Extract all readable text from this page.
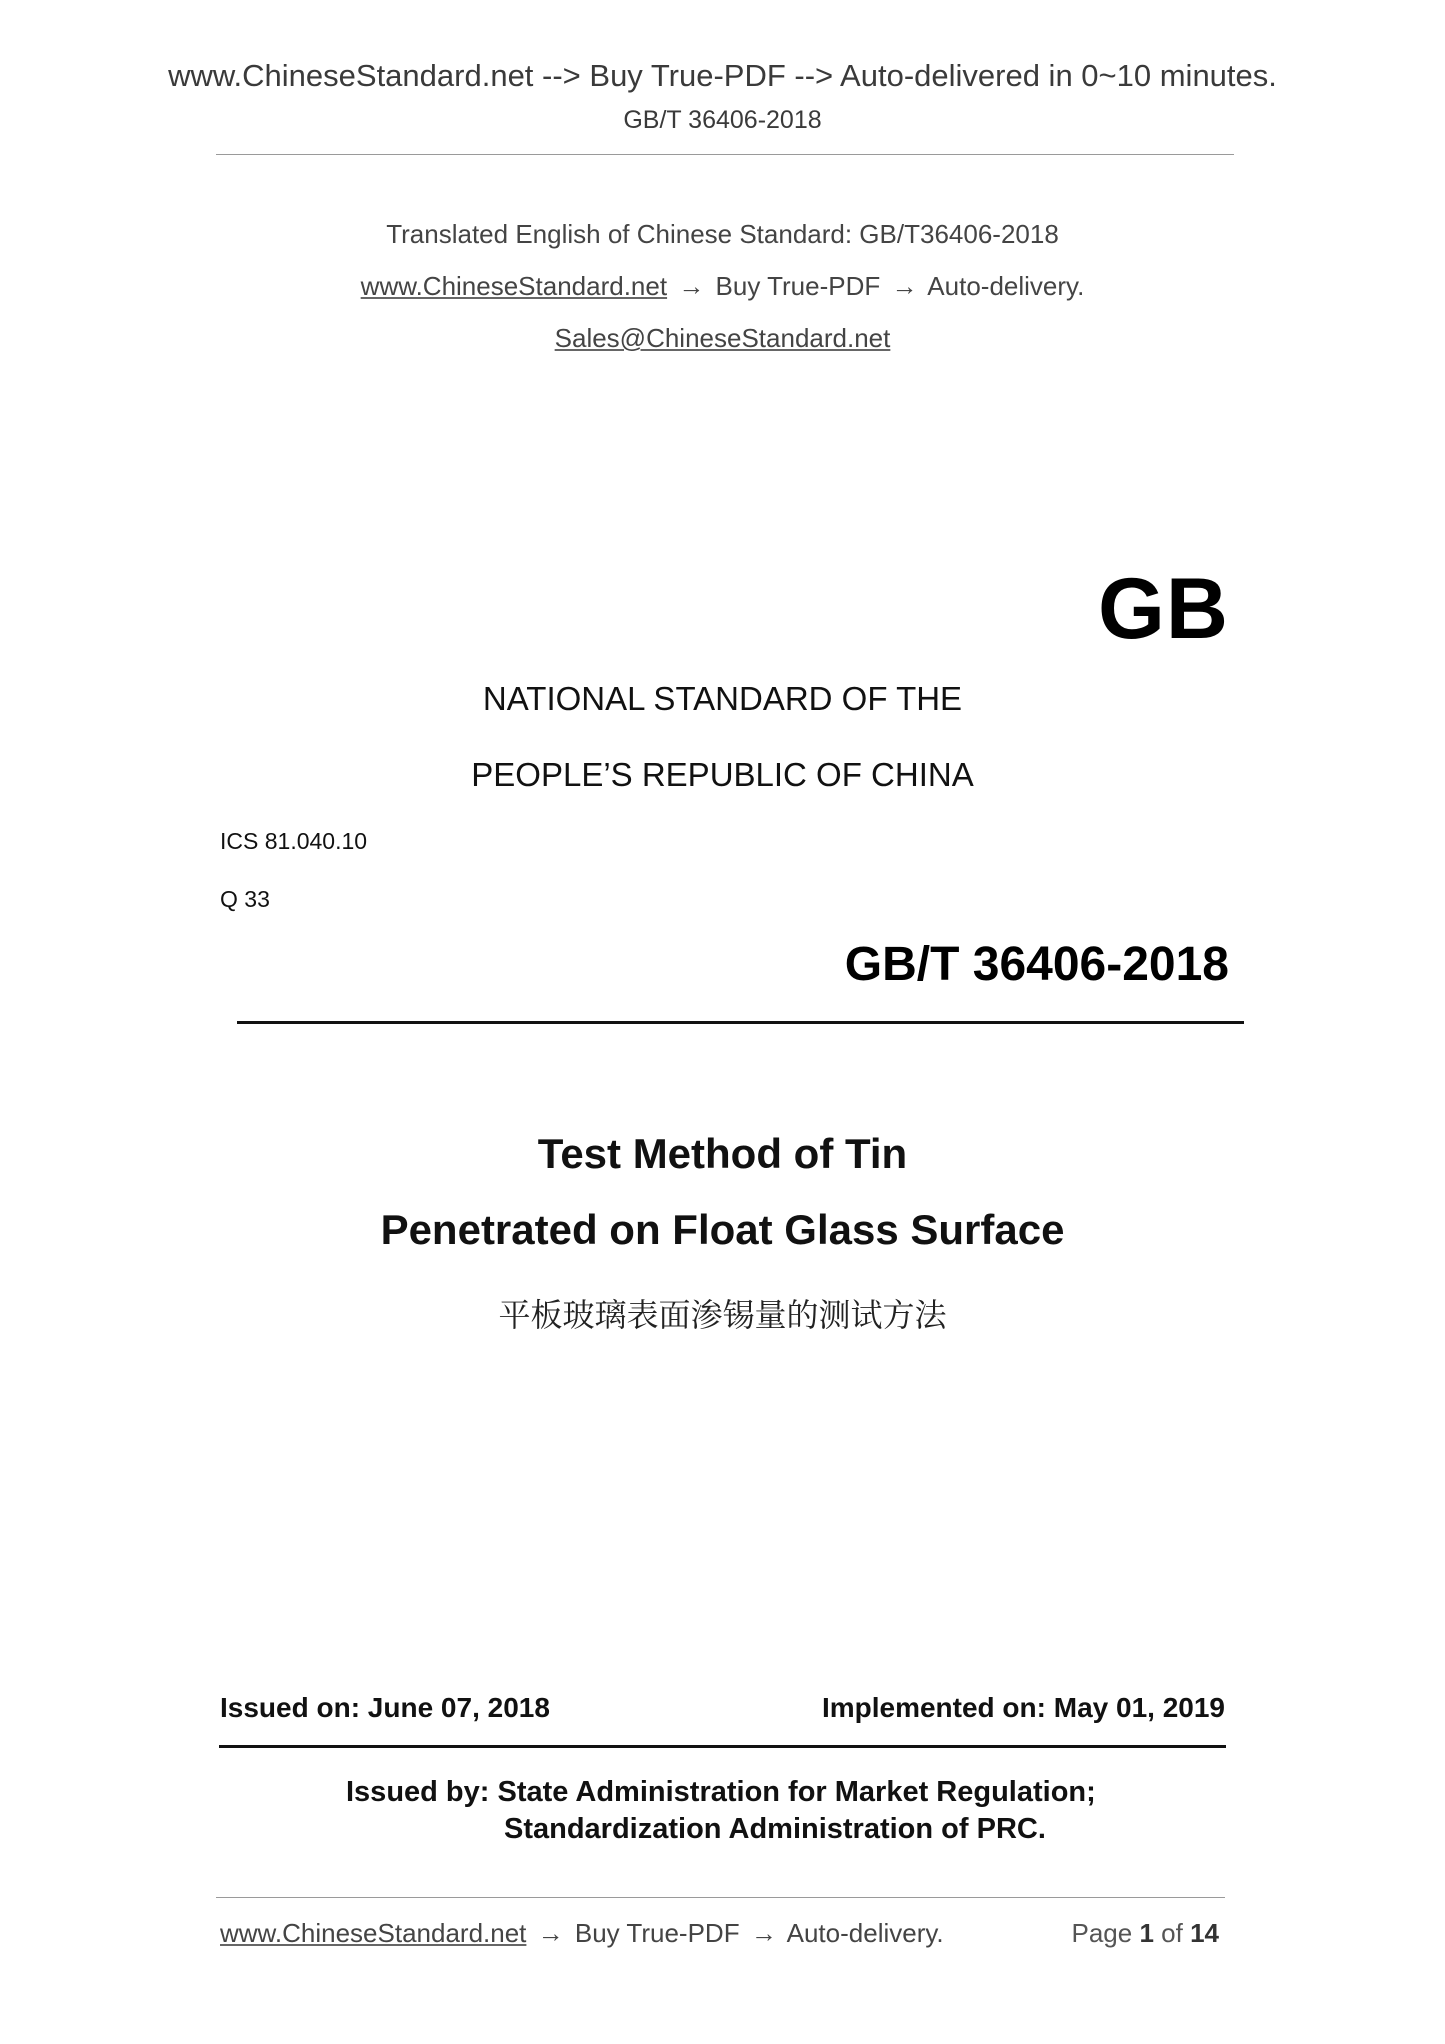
www.ChineseStandard.net --> Buy True-PDF --> Auto-delivered in 0~10 minutes.
GB/T 36406-2018
Translated English of Chinese Standard: GB/T36406-2018
www.ChineseStandard.net → Buy True-PDF → Auto-delivery.
Sales@ChineseStandard.net
GB
NATIONAL STANDARD OF THE
PEOPLE’S REPUBLIC OF CHINA
ICS 81.040.10
Q 33
GB/T 36406-2018
Test Method of Tin
Penetrated on Float Glass Surface
平板玻璃表面渗锡量的测试方法
Issued on: June 07, 2018	Implemented on: May 01, 2019
Issued by: State Administration for Market Regulation;
Standardization Administration of PRC.
www.ChineseStandard.net → Buy True-PDF → Auto-delivery.	Page 1 of 14
